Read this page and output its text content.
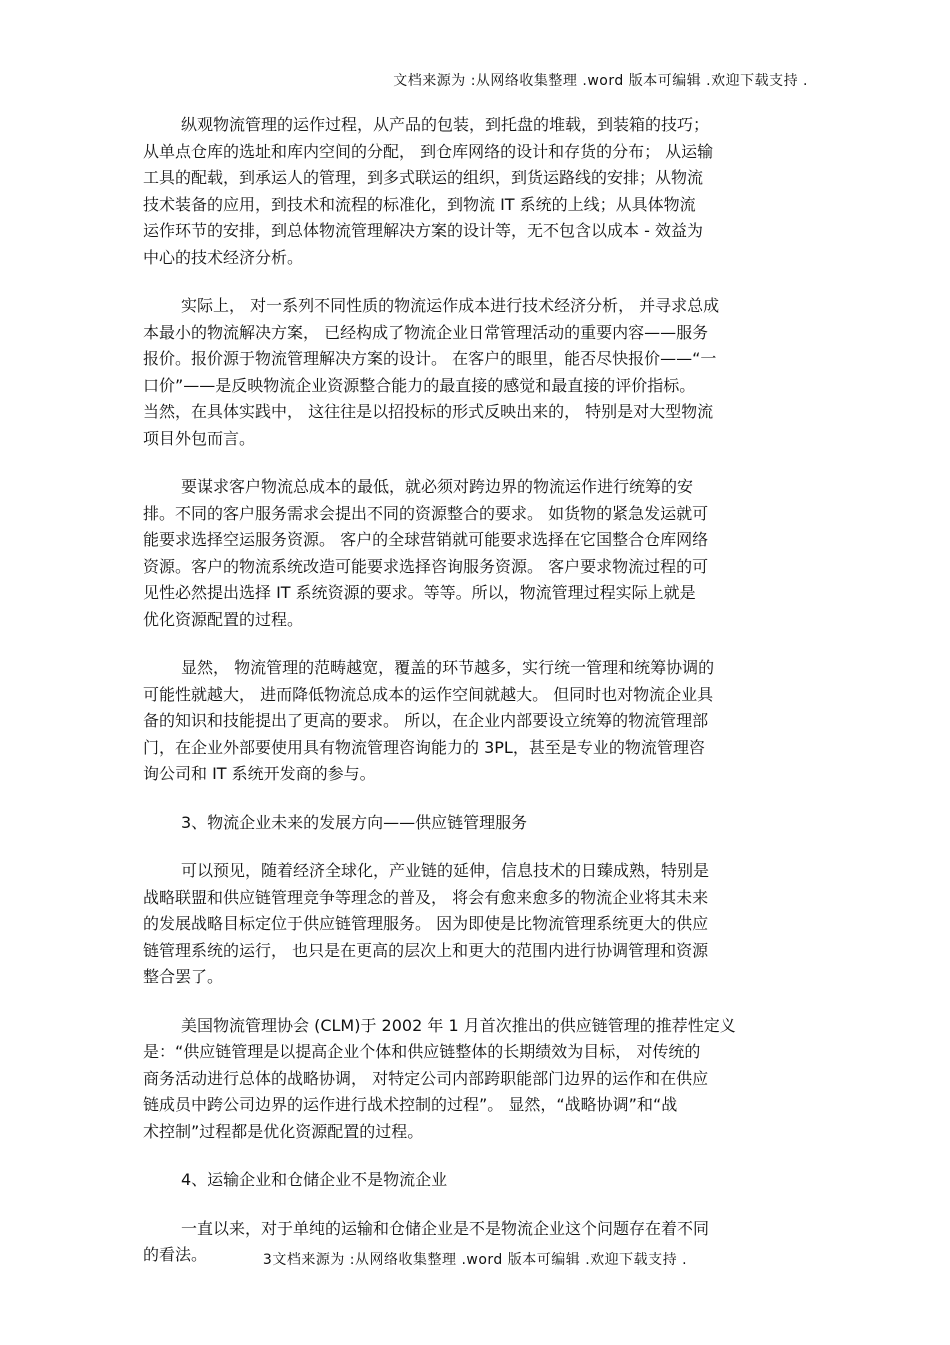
文档来源为 :从网络收集整理 .word 版本可编辑 .欢迎下载支持 .
纵观物流管理的运作过程，从产品的包装，到托盘的堆载，到装箱的技巧；
从单点仓库的选址和库内空间的分配， 到仓库网络的设计和存货的分布； 从运输
工具的配载，到承运人的管理，到多式联运的组织，到货运路线的安排；从物流
技术装备的应用，到技术和流程的标准化，到物流 IT 系统的上线；从具体物流
运作环节的安排，到总体物流管理解决方案的设计等，无不包含以成本 - 效益为
中心的技术经济分析。
实际上， 对一系列不同性质的物流运作成本进行技术经济分析， 并寻求总成
本最小的物流解决方案， 已经构成了物流企业日常管理活动的重要内容——服务
报价。报价源于物流管理解决方案的设计。 在客户的眼里，能否尽快报价——“一
口价”——是反映物流企业资源整合能力的最直接的感觉和最直接的评价指标。
当然，在具体实践中， 这往往是以招投标的形式反映出来的， 特别是对大型物流
项目外包而言。
要谋求客户物流总成本的最低，就必须对跨边界的物流运作进行统筹的安
排。不同的客户服务需求会提出不同的资源整合的要求。 如货物的紧急发运就可
能要求选择空运服务资源。 客户的全球营销就可能要求选择在它国整合仓库网络
资源。客户的物流系统改造可能要求选择咨询服务资源。 客户要求物流过程的可
见性必然提出选择 IT 系统资源的要求。等等。所以，物流管理过程实际上就是
优化资源配置的过程。
显然， 物流管理的范畴越宽，覆盖的环节越多，实行统一管理和统筹协调的
可能性就越大， 进而降低物流总成本的运作空间就越大。 但同时也对物流企业具
备的知识和技能提出了更高的要求。 所以，在企业内部要设立统筹的物流管理部
门，在企业外部要使用具有物流管理咨询能力的 3PL，甚至是专业的物流管理咨
询公司和 IT 系统开发商的参与。
3、物流企业未来的发展方向——供应链管理服务
可以预见，随着经济全球化，产业链的延伸，信息技术的日臻成熟，特别是
战略联盟和供应链管理竞争等理念的普及， 将会有愈来愈多的物流企业将其未来
的发展战略目标定位于供应链管理服务。 因为即使是比物流管理系统更大的供应
链管理系统的运行， 也只是在更高的层次上和更大的范围内进行协调管理和资源
整合罢了。
美国物流管理协会 (CLM)于 2002 年 1 月首次推出的供应链管理的推荐性定义
是：“供应链管理是以提高企业个体和供应链整体的长期绩效为目标， 对传统的
商务活动进行总体的战略协调， 对特定公司内部跨职能部门边界的运作和在供应
链成员中跨公司边界的运作进行战术控制的过程”。 显然，“战略协调”和“战
术控制”过程都是优化资源配置的过程。
4、运输企业和仓储企业不是物流企业
一直以来，对于单纯的运输和仓储企业是不是物流企业这个问题存在着不同
的看法。	3文档来源为 :从网络收集整理 .word 版本可编辑 .欢迎下载支持 .
